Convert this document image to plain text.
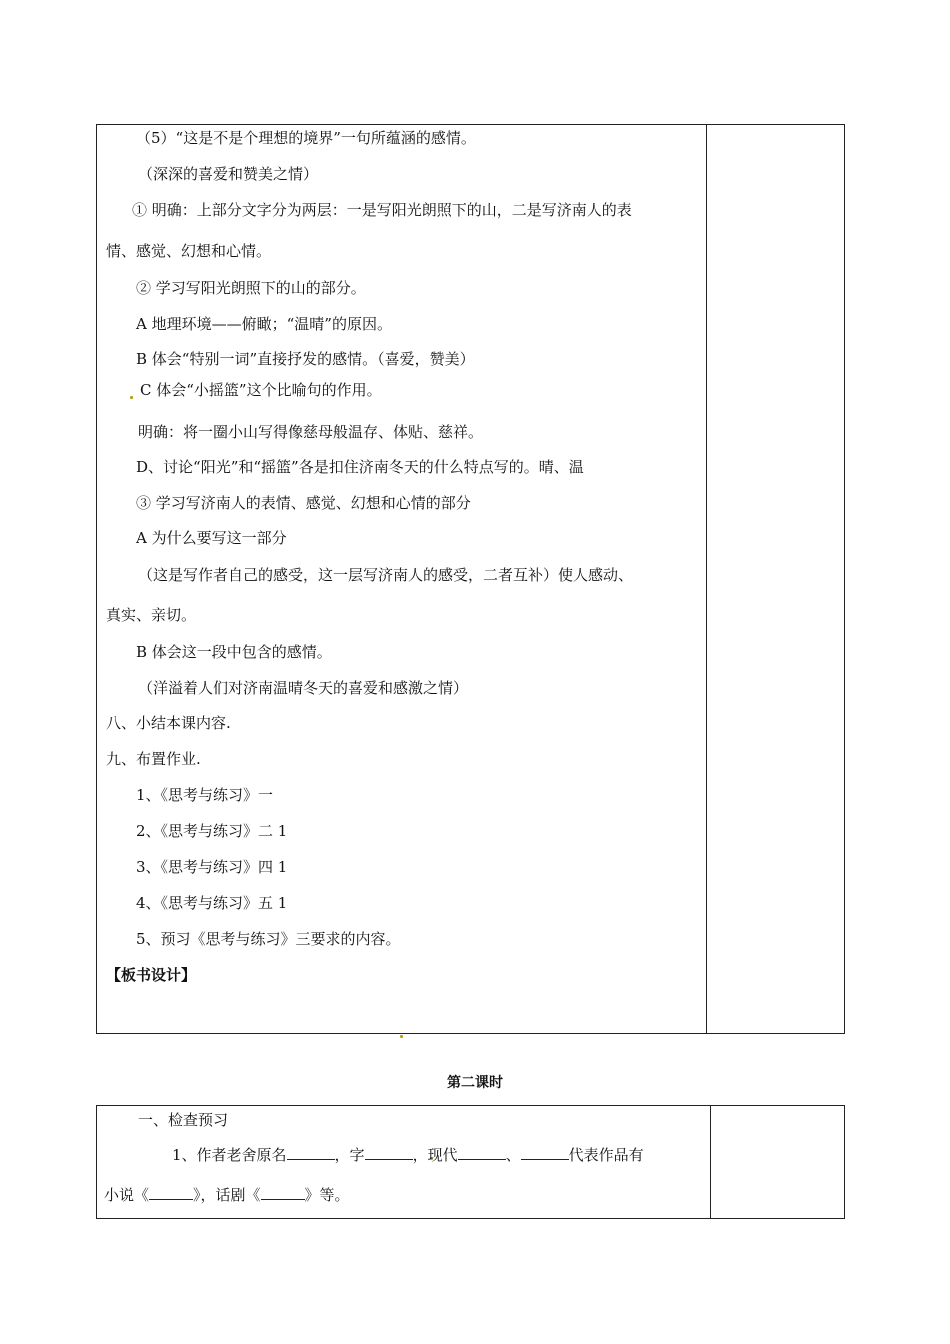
（5）“这是不是个理想的境界”一句所蕴涵的感情。
（深深的喜爱和赞美之情）
① 明确：上部分文字分为两层：一是写阳光朗照下的山，二是写济南人的表
情、感觉、幻想和心情。
② 学习写阳光朗照下的山的部分。
A 地理环境——俯瞰；“温晴”的原因。
B 体会“特别一词”直接抒发的感情。（喜爱，赞美）
C 体会“小摇篮”这个比喻句的作用。
明确：将一圈小山写得像慈母般温存、体贴、慈祥。
D、讨论“阳光”和“摇篮”各是扣住济南冬天的什么特点写的。晴、温
③ 学习写济南人的表情、感觉、幻想和心情的部分
A 为什么要写这一部分
（这是写作者自己的感受，这一层写济南人的感受，二者互补）使人感动、
真实、亲切。
B 体会这一段中包含的感情。
（洋溢着人们对济南温晴冬天的喜爱和感激之情）
八、小结本课内容.
九、布置作业.
1、《思考与练习》一
2、《思考与练习》二 1
3、《思考与练习》四 1
4、《思考与练习》五 1
5、预习《思考与练习》三要求的内容。
【板书设计】
第二课时
一、检查预习
1、作者老舍原名	，字	，现代	、	代表作品有
小说《	》，话剧《	》等。
